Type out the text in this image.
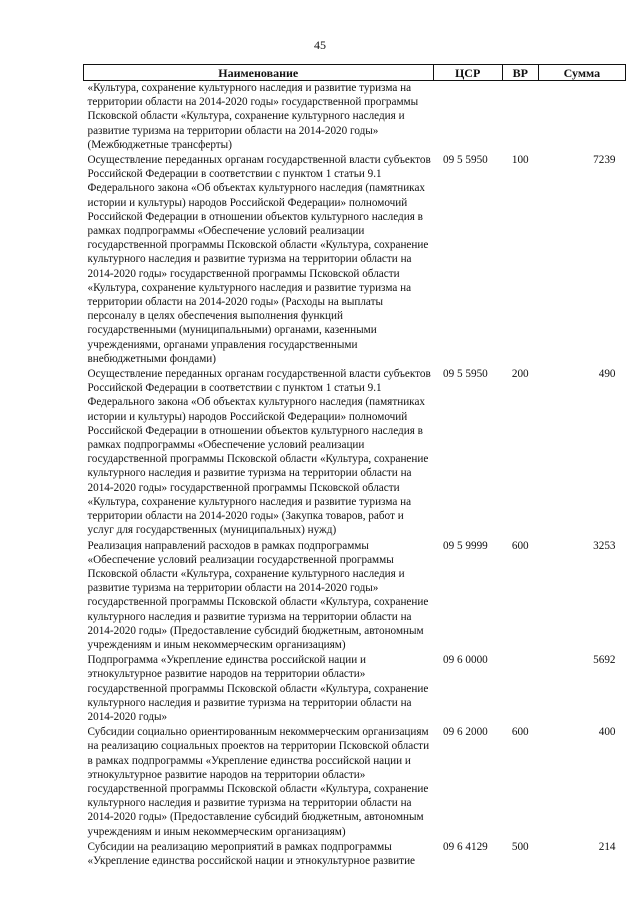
45
Наименование	ЦСР	ВР	Сумма
«Культура, сохранение культурного наследия и развитие туризма на территории области на 2014-2020 годы» государственной программы Псковской области «Культура, сохранение культурного наследия и развитие туризма на территории области на 2014-2020 годы» (Межбюджетные трансферты)			
Осуществление переданных органам государственной власти субъектов Российской Федерации в соответствии с пунктом 1 статьи 9.1 Федерального закона «Об объектах культурного наследия (памятниках истории и культуры) народов Российской Федерации» полномочий Российской Федерации в отношении объектов культурного наследия в рамках подпрограммы «Обеспечение условий реализации государственной программы Псковской области «Культура, сохранение культурного наследия и развитие туризма на территории области на 2014-2020 годы» государственной программы Псковской области «Культура, сохранение культурного наследия и развитие туризма на территории области на 2014-2020 годы» (Расходы на выплаты персоналу в целях обеспечения выполнения функций государственными (муниципальными) органами, казенными учреждениями, органами управления государственными внебюджетными фондами)	09 5 5950	100	7239
Осуществление переданных органам государственной власти субъектов Российской Федерации в соответствии с пунктом 1 статьи 9.1 Федерального закона «Об объектах культурного наследия (памятниках истории и культуры) народов Российской Федерации» полномочий Российской Федерации в отношении объектов культурного наследия в рамках подпрограммы «Обеспечение условий реализации государственной программы Псковской области «Культура, сохранение культурного наследия и развитие туризма на территории области на 2014-2020 годы» государственной программы Псковской области «Культура, сохранение культурного наследия и развитие туризма на территории области на 2014-2020 годы» (Закупка товаров, работ и услуг для государственных (муниципальных) нужд)	09 5 5950	200	490
Реализация направлений расходов в рамках подпрограммы «Обеспечение условий реализации государственной программы Псковской области «Культура, сохранение культурного наследия и развитие туризма на территории области на 2014-2020 годы» государственной программы Псковской области «Культура, сохранение культурного наследия и развитие туризма на территории области на 2014-2020 годы» (Предоставление субсидий бюджетным, автономным учреждениям и иным некоммерческим организациям)	09 5 9999	600	3253
Подпрограмма «Укрепление единства российской нации и этнокультурное развитие народов на территории области» государственной программы Псковской области «Культура, сохранение культурного наследия и развитие туризма на территории области на 2014-2020 годы»	09 6 0000		5692
Субсидии социально ориентированным некоммерческим организациям на реализацию социальных проектов на территории Псковской области в рамках подпрограммы «Укрепление единства российской нации и этнокультурное развитие народов на территории области» государственной программы Псковской области «Культура, сохранение культурного наследия и развитие туризма на территории области на 2014-2020 годы» (Предоставление субсидий бюджетным, автономным учреждениям и иным некоммерческим организациям)	09 6 2000	600	400
Субсидии на реализацию мероприятий в рамках подпрограммы «Укрепление единства российской нации и этнокультурное развитие	09 6 4129	500	214
